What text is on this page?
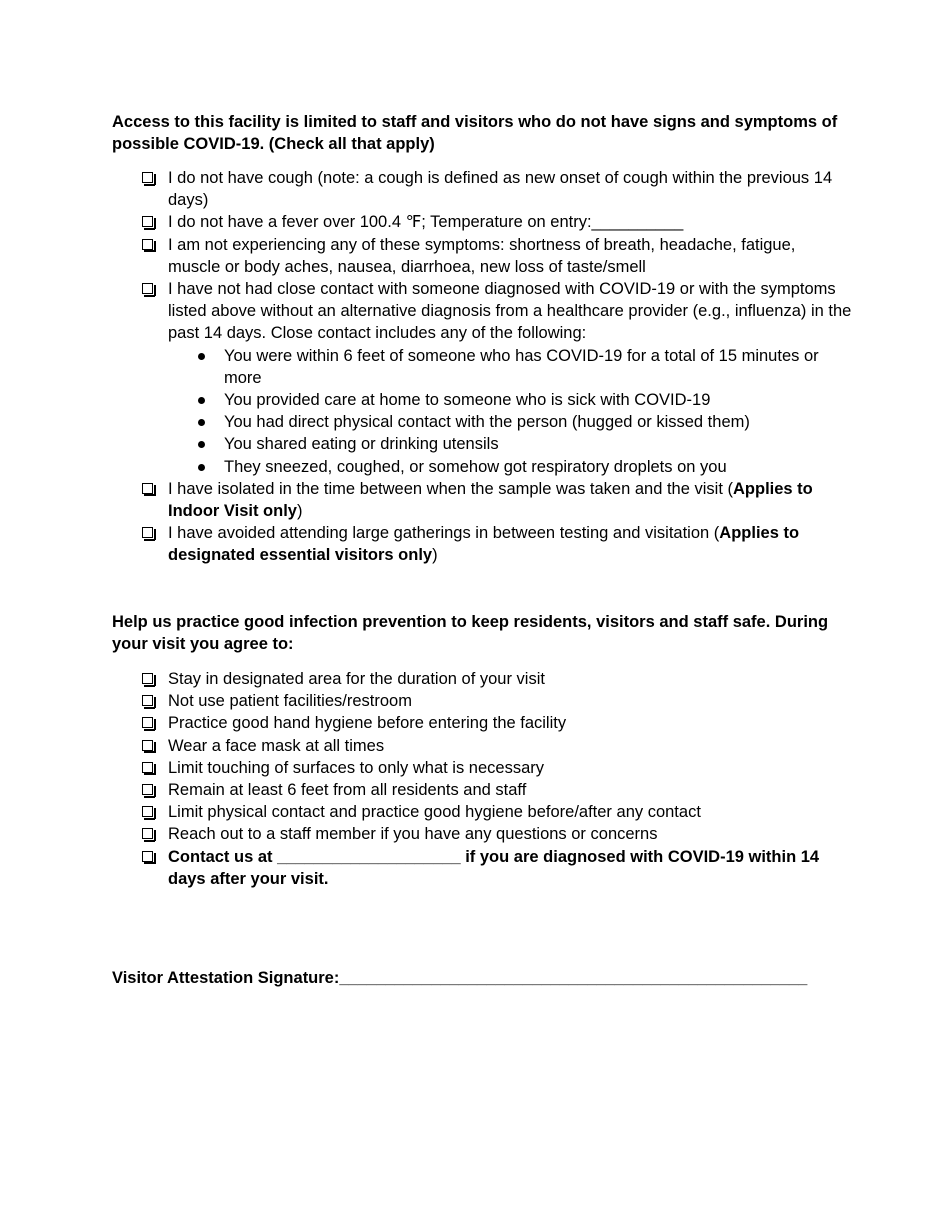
Access to this facility is limited to staff and visitors who do not have signs and symptoms of possible COVID-19. (Check all that apply)

I do not have cough (note: a cough is defined as new onset of cough within the previous 14 days)
I do not have a fever over 100.4 ℉; Temperature on entry:__________
I am not experiencing any of these symptoms: shortness of breath, headache, fatigue, muscle or body aches, nausea, diarrhoea, new loss of taste/smell
I have not had close contact with someone diagnosed with COVID-19 or with the symptoms listed above without an alternative diagnosis from a healthcare provider (e.g., influenza) in the past 14 days. Close contact includes any of the following:
You were within 6 feet of someone who has COVID-19 for a total of 15 minutes or more
You provided care at home to someone who is sick with COVID-19
You had direct physical contact with the person (hugged or kissed them)
You shared eating or drinking utensils
They sneezed, coughed, or somehow got respiratory droplets on you
I have isolated in the time between when the sample was taken and the visit (Applies to Indoor Visit only)
I have avoided attending large gatherings in between testing and visitation (Applies to designated essential visitors only)

Help us practice good infection prevention to keep residents, visitors and staff safe. During your visit you agree to:

Stay in designated area for the duration of your visit
Not use patient facilities/restroom
Practice good hand hygiene before entering the facility
Wear a face mask at all times
Limit touching of surfaces to only what is necessary
Remain at least 6 feet from all residents and staff
Limit physical contact and practice good hygiene before/after any contact
Reach out to a staff member if you have any questions or concerns
Contact us at ____________________ if you are diagnosed with COVID-19 within 14 days after your visit.
Visitor Attestation Signature:___________________________________________________
